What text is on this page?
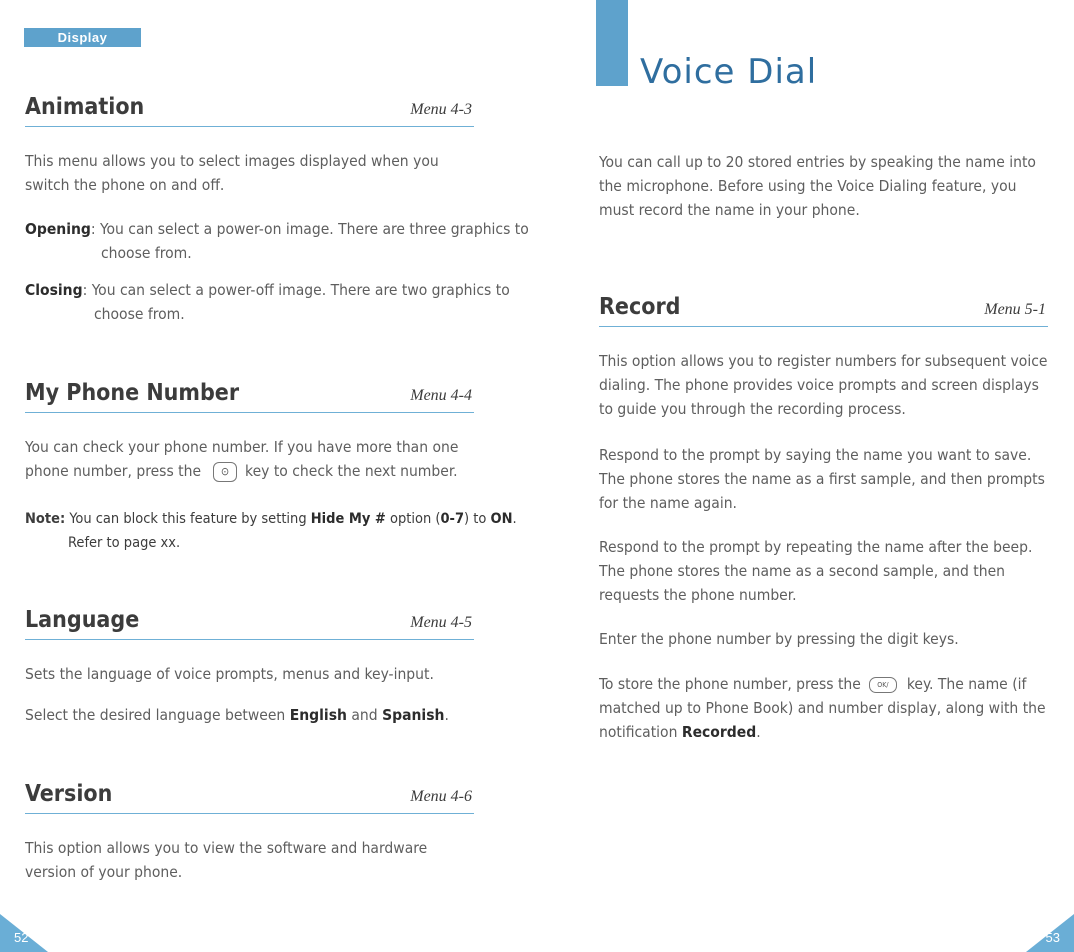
Display
Animation	Menu 4-3

This menu allows you to select images displayed when you switch the phone on and off.

Opening: You can select a power-on image. There are three graphics to choose from.

Closing: You can select a power-off image. There are two graphics to choose from.

My Phone Number	Menu 4-4

You can check your phone number. If you have more than one phone number, press the ⊙ key to check the next number.

Note: You can block this feature by setting Hide My # option (0-7) to ON. Refer to page xx.

Language	Menu 4-5

Sets the language of voice prompts, menus and key-input.

Select the desired language between English and Spanish.

Version	Menu 4-6

This option allows you to view the software and hardware version of your phone.

52
Voice Dial

You can call up to 20 stored entries by speaking the name into the microphone. Before using the Voice Dialing feature, you must record the name in your phone.

Record	Menu 5-1

This option allows you to register numbers for subsequent voice dialing. The phone provides voice prompts and screen displays to guide you through the recording process.

Respond to the prompt by saying the name you want to save. The phone stores the name as a first sample, and then prompts for the name again.

Respond to the prompt by repeating the name after the beep. The phone stores the name as a second sample, and then requests the phone number.

Enter the phone number by pressing the digit keys.

To store the phone number, press the OK/ key. The name (if matched up to Phone Book) and number display, along with the notification Recorded.

53
